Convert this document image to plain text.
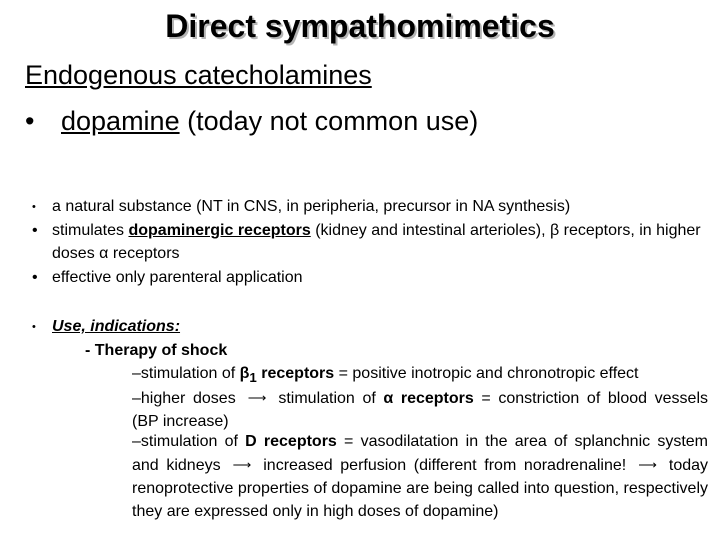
Direct sympathomimetics
Endogenous catecholamines
• dopamine (today not common use)
• a natural substance (NT in CNS, in peripheria, precursor in NA synthesis)
• stimulates dopaminergic receptors (kidney and intestinal arterioles), β receptors, in higher doses α receptors
• effective only parenteral application
• Use, indications:
- Therapy of shock
–stimulation of $\beta_1$ receptors = positive inotropic and chronotropic effect
–higher doses ⟶ stimulation of α receptors = constriction of blood vessels (BP increase)
–stimulation of D receptors = vasodilatation in the area of splanchnic system and kidneys ⟶ increased perfusion (different from noradrenaline! ⟶ today renoprotective properties of dopamine are being called into question, respectively they are expressed only in high doses of dopamine)
